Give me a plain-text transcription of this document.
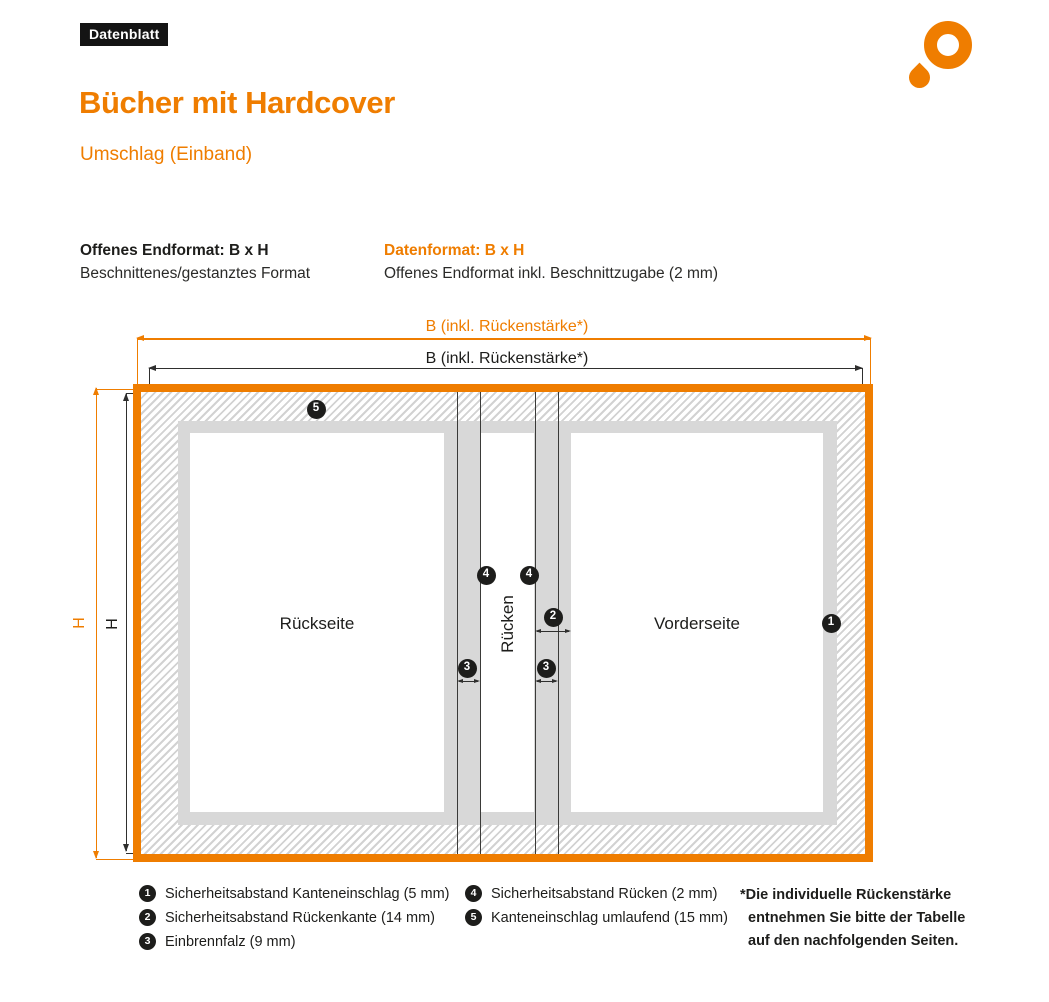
Datenblatt
Bücher mit Hardcover
Umschlag (Einband)
Offenes Endformat: B x H
Beschnittenes/gestanztes Format
Datenformat: B x H
Offenes Endformat inkl. Beschnittzugabe (2 mm)
B (inkl. Rückenstärke*)
B (inkl. Rückenstärke*)
H H	Rückseite	Rücken	Vorderseite
5
4	4
2
3	3
1
1	Sicherheitsabstand Kanteneinschlag (5 mm)
2	Sicherheitsabstand Rückenkante (14 mm)
3	Einbrennfalz (9 mm)
4	Sicherheitsabstand Rücken (2 mm)
5	Kanteneinschlag umlaufend (15 mm)
*Die individuelle Rückenstärke
entnehmen Sie bitte der Tabelle
auf den nachfolgenden Seiten.
